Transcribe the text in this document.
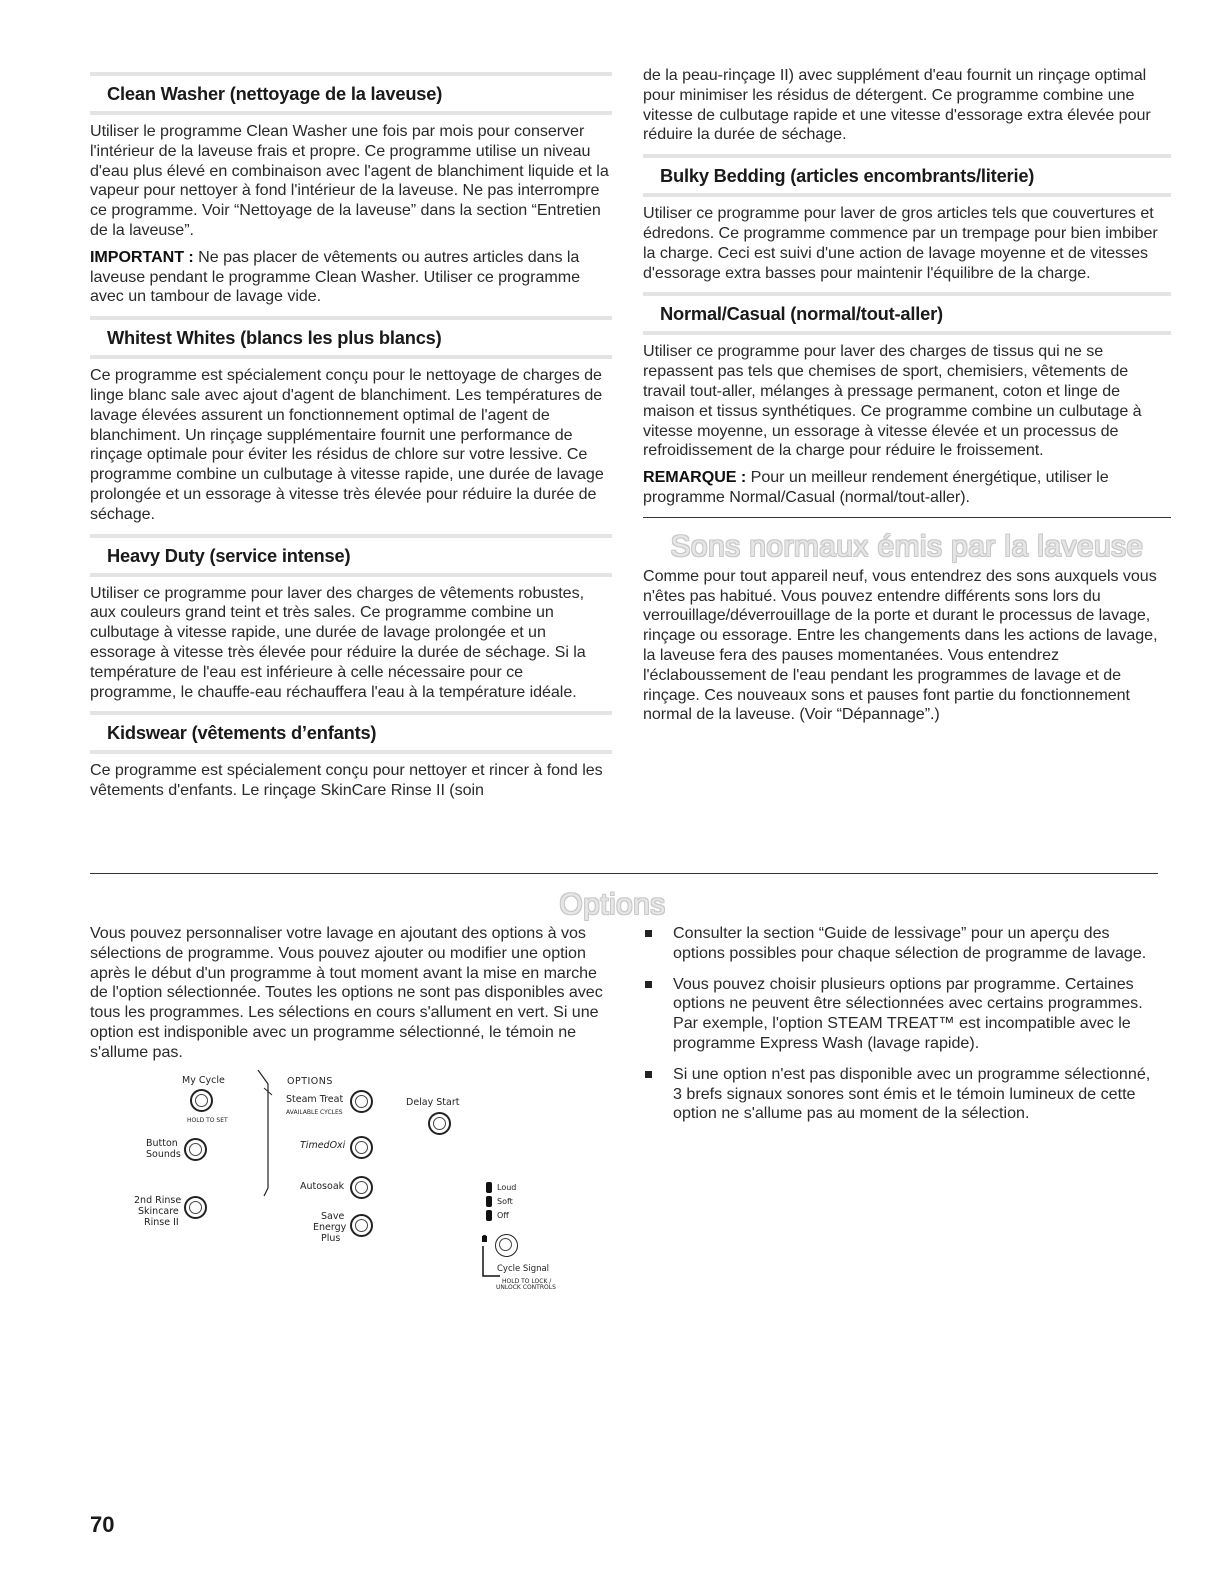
Clean Washer (nettoyage de la laveuse)

Utiliser le programme Clean Washer une fois par mois pour conserver l'intérieur de la laveuse frais et propre. Ce programme utilise un niveau d'eau plus élevé en combinaison avec l'agent de blanchiment liquide et la vapeur pour nettoyer à fond l'intérieur de la laveuse. Ne pas interrompre ce programme. Voir “Nettoyage de la laveuse” dans la section “Entretien de la laveuse”.

IMPORTANT : Ne pas placer de vêtements ou autres articles dans la laveuse pendant le programme Clean Washer. Utiliser ce programme avec un tambour de lavage vide.

Whitest Whites (blancs les plus blancs)

Ce programme est spécialement conçu pour le nettoyage de charges de linge blanc sale avec ajout d'agent de blanchiment. Les températures de lavage élevées assurent un fonctionnement optimal de l'agent de blanchiment. Un rinçage supplémentaire fournit une performance de rinçage optimale pour éviter les résidus de chlore sur votre lessive. Ce programme combine un culbutage à vitesse rapide, une durée de lavage prolongée et un essorage à vitesse très élevée pour réduire la durée de séchage.

Heavy Duty (service intense)

Utiliser ce programme pour laver des charges de vêtements robustes, aux couleurs grand teint et très sales. Ce programme combine un culbutage à vitesse rapide, une durée de lavage prolongée et un essorage à vitesse très élevée pour réduire la durée de séchage. Si la température de l'eau est inférieure à celle nécessaire pour ce programme, le chauffe-eau réchauffera l'eau à la température idéale.

Kidswear (vêtements d’enfants)

Ce programme est spécialement conçu pour nettoyer et rincer à fond les vêtements d'enfants. Le rinçage SkinCare Rinse II (soin

de la peau-rinçage II) avec supplément d'eau fournit un rinçage optimal pour minimiser les résidus de détergent. Ce programme combine une vitesse de culbutage rapide et une vitesse d'essorage extra élevée pour réduire la durée de séchage.

Bulky Bedding (articles encombrants/literie)

Utiliser ce programme pour laver de gros articles tels que couvertures et édredons. Ce programme commence par un trempage pour bien imbiber la charge. Ceci est suivi d'une action de lavage moyenne et de vitesses d'essorage extra basses pour maintenir l'équilibre de la charge.

Normal/Casual (normal/tout-aller)

Utiliser ce programme pour laver des charges de tissus qui ne se repassent pas tels que chemises de sport, chemisiers, vêtements de travail tout-aller, mélanges à pressage permanent, coton et linge de maison et tissus synthétiques. Ce programme combine un culbutage à vitesse moyenne, un essorage à vitesse élevée et un processus de refroidissement de la charge pour réduire le froissement.

REMARQUE : Pour un meilleur rendement énergétique, utiliser le programme Normal/Casual (normal/tout-aller).

Sons normaux émis par la laveuse

Comme pour tout appareil neuf, vous entendrez des sons auxquels vous n'êtes pas habitué. Vous pouvez entendre différents sons lors du verrouillage/déverrouillage de la porte et durant le processus de lavage, rinçage ou essorage. Entre les changements dans les actions de lavage, la laveuse fera des pauses momentanées. Vous entendrez l'éclaboussement de l'eau pendant les programmes de lavage et de rinçage. Ces nouveaux sons et pauses font partie du fonctionnement normal de la laveuse. (Voir “Dépannage”.)

Options

Vous pouvez personnaliser votre lavage en ajoutant des options à vos sélections de programme. Vous pouvez ajouter ou modifier une option après le début d'un programme à tout moment avant la mise en marche de l'option sélectionnée. Toutes les options ne sont pas disponibles avec tous les programmes. Les sélections en cours s'allument en vert. Si une option est indisponible avec un programme sélectionné, le témoin ne s'allume pas.

Consulter la section “Guide de lessivage” pour un aperçu des options possibles pour chaque sélection de programme de lavage.
Vous pouvez choisir plusieurs options par programme. Certaines options ne peuvent être sélectionnées avec certains programmes. Par exemple, l'option STEAM TREAT™ est incompatible avec le programme Express Wash (lavage rapide).
Si une option n'est pas disponible avec un programme sélectionné, 3 brefs signaux sonores sont émis et le témoin lumineux de cette option ne s'allume pas au moment de la sélection.
My Cycle
HOLD TO SET
Button
Sounds
2nd Rinse
Skincare
Rinse II
OPTIONS
Steam Treat
AVAILABLE CYCLES
TimedOxi
Autosoak
Save
Energy
Plus
Delay Start
Loud
Soft
Off
Cycle Signal
HOLD TO LOCK /
UNLOCK CONTROLS
70
